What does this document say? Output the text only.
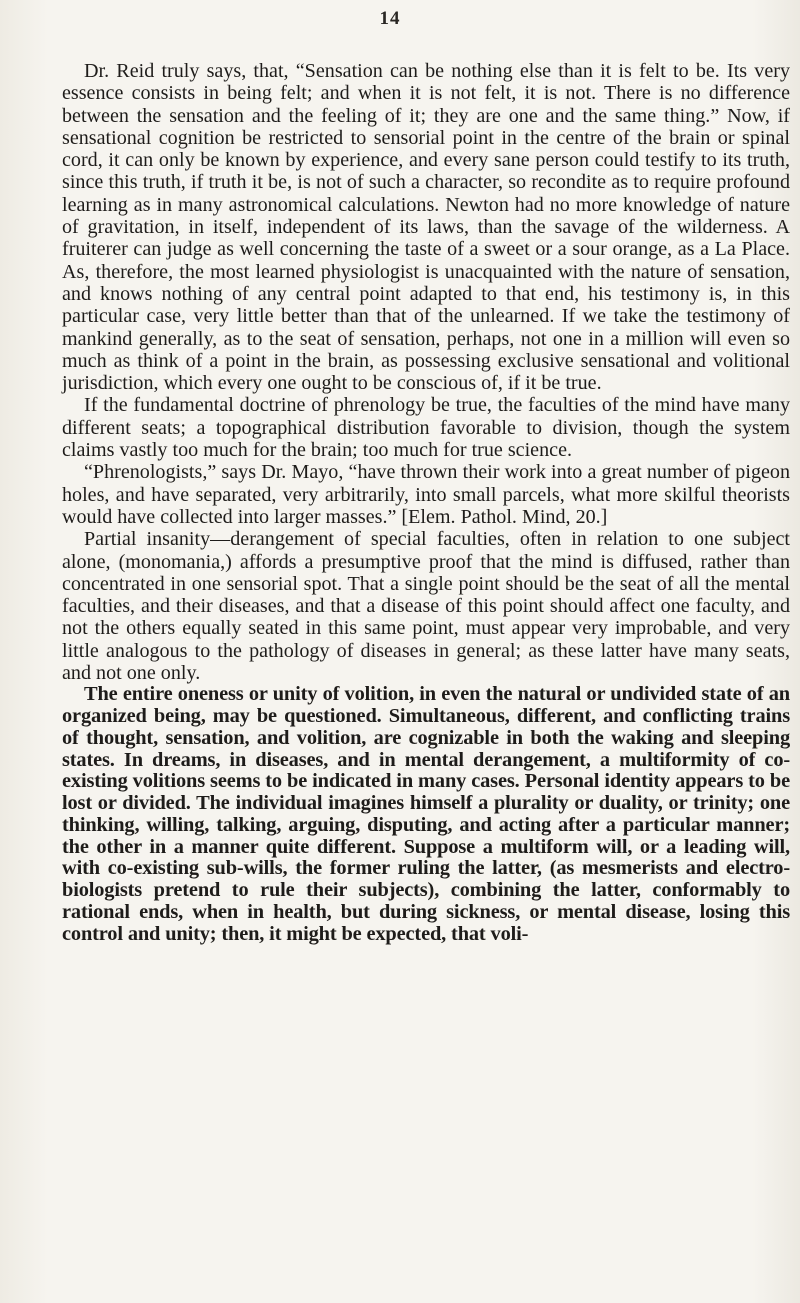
14

Dr. Reid truly says, that, “Sensation can be nothing else than it is felt to be. Its very essence consists in being felt; and when it is not felt, it is not. There is no difference between the sensation and the feeling of it; they are one and the same thing.” Now, if sensational cognition be restricted to sensorial point in the centre of the brain or spinal cord, it can only be known by experience, and every sane person could testify to its truth, since this truth, if truth it be, is not of such a character, so recondite as to require profound learning as in many astronomical calculations. Newton had no more knowledge of nature of gravitation, in itself, independent of its laws, than the savage of the wilderness. A fruiterer can judge as well concerning the taste of a sweet or a sour orange, as a La Place. As, therefore, the most learned physiologist is unacquainted with the nature of sensation, and knows nothing of any central point adapted to that end, his testimony is, in this particular case, very little better than that of the unlearned. If we take the testimony of mankind generally, as to the seat of sensation, perhaps, not one in a million will even so much as think of a point in the brain, as possessing exclusive sensational and volitional jurisdiction, which every one ought to be conscious of, if it be true.

If the fundamental doctrine of phrenology be true, the faculties of the mind have many different seats; a topographical distribution favorable to division, though the system claims vastly too much for the brain; too much for true science.

“Phrenologists,” says Dr. Mayo, “have thrown their work into a great number of pigeon holes, and have separated, very arbitrarily, into small parcels, what more skilful theorists would have collected into larger masses.” [Elem. Pathol. Mind, 20.]

Partial insanity—derangement of special faculties, often in relation to one subject alone, (monomania,) affords a presumptive proof that the mind is diffused, rather than concentrated in one sensorial spot. That a single point should be the seat of all the mental faculties, and their diseases, and that a disease of this point should affect one faculty, and not the others equally seated in this same point, must appear very improbable, and very little analogous to the pathology of diseases in general; as these latter have many seats, and not one only.

The entire oneness or unity of volition, in even the natural or undivided state of an organized being, may be questioned. Simultaneous, different, and conflicting trains of thought, sensation, and volition, are cognizable in both the waking and sleeping states. In dreams, in diseases, and in mental derangement, a multiformity of co-existing volitions seems to be indicated in many cases. Personal identity appears to be lost or divided. The individual imagines himself a plurality or duality, or trinity; one thinking, willing, talking, arguing, disputing, and acting after a particular manner; the other in a manner quite different. Suppose a multiform will, or a leading will, with co-existing sub-wills, the former ruling the latter, (as mesmerists and electro-biologists pretend to rule their subjects), combining the latter, conformably to rational ends, when in health, but during sickness, or mental disease, losing this control and unity; then, it might be expected, that voli-
